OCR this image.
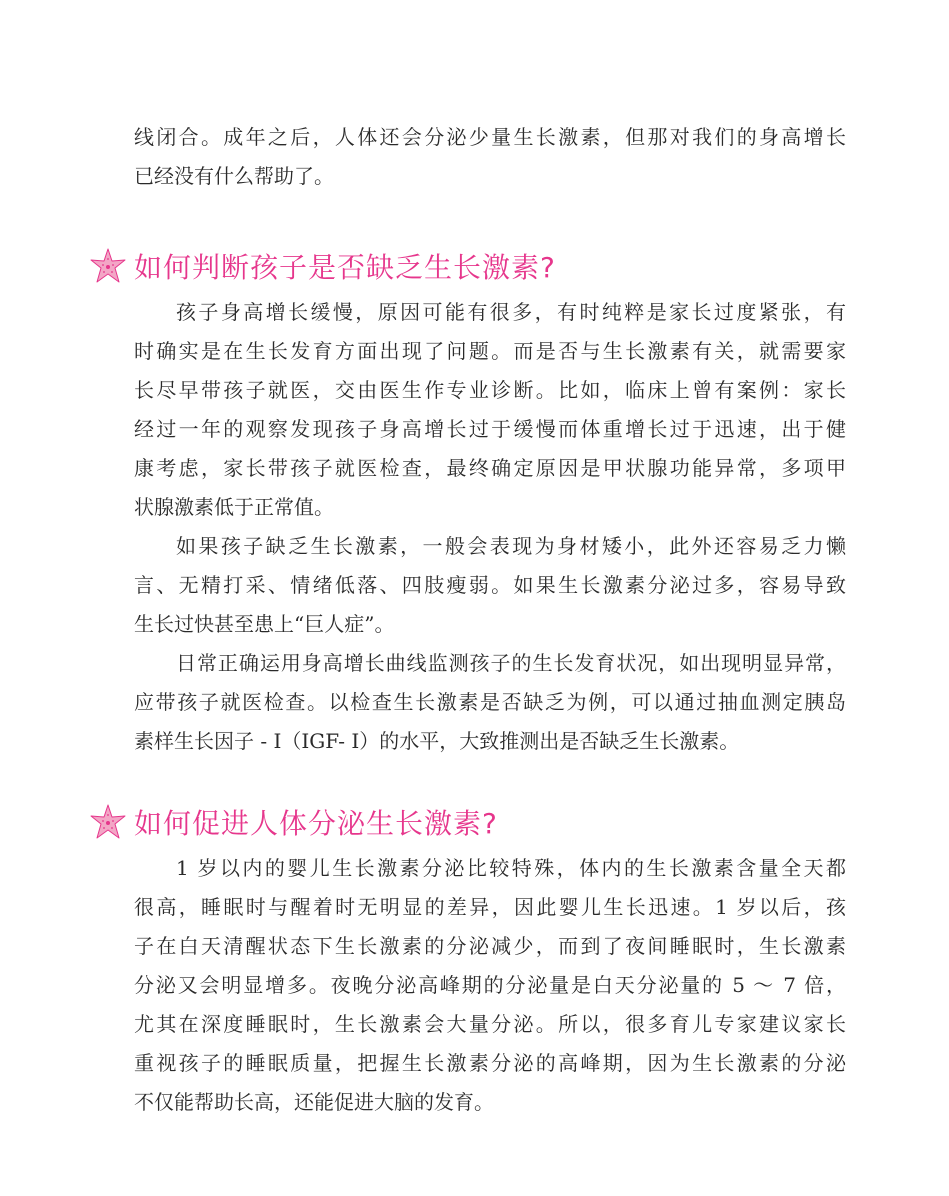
线闭合。成年之后，人体还会分泌少量生长激素，但那对我们的身高增长
已经没有什么帮助了。
如何判断孩子是否缺乏生长激素?
孩子身高增长缓慢，原因可能有很多，有时纯粹是家长过度紧张，有
时确实是在生长发育方面出现了问题。而是否与生长激素有关，就需要家
长尽早带孩子就医，交由医生作专业诊断。比如，临床上曾有案例：家长
经过一年的观察发现孩子身高增长过于缓慢而体重增长过于迅速，出于健
康考虑，家长带孩子就医检查，最终确定原因是甲状腺功能异常，多项甲
状腺激素低于正常值。
如果孩子缺乏生长激素，一般会表现为身材矮小，此外还容易乏力懒
言、无精打采、情绪低落、四肢瘦弱。如果生长激素分泌过多，容易导致
生长过快甚至患上“巨人症”。
日常正确运用身高增长曲线监测孩子的生长发育状况，如出现明显异常，
应带孩子就医检查。以检查生长激素是否缺乏为例，可以通过抽血测定胰岛
素样生长因子 - Ⅰ（IGF- Ⅰ）的水平，大致推测出是否缺乏生长激素。
如何促进人体分泌生长激素?
1 岁以内的婴儿生长激素分泌比较特殊，体内的生长激素含量全天都
很高，睡眠时与醒着时无明显的差异，因此婴儿生长迅速。1 岁以后，孩
子在白天清醒状态下生长激素的分泌减少，而到了夜间睡眠时，生长激素
分泌又会明显增多。夜晚分泌高峰期的分泌量是白天分泌量的 5 ～ 7 倍，
尤其在深度睡眠时，生长激素会大量分泌。所以，很多育儿专家建议家长
重视孩子的睡眠质量，把握生长激素分泌的高峰期，因为生长激素的分泌
不仅能帮助长高，还能促进大脑的发育。
